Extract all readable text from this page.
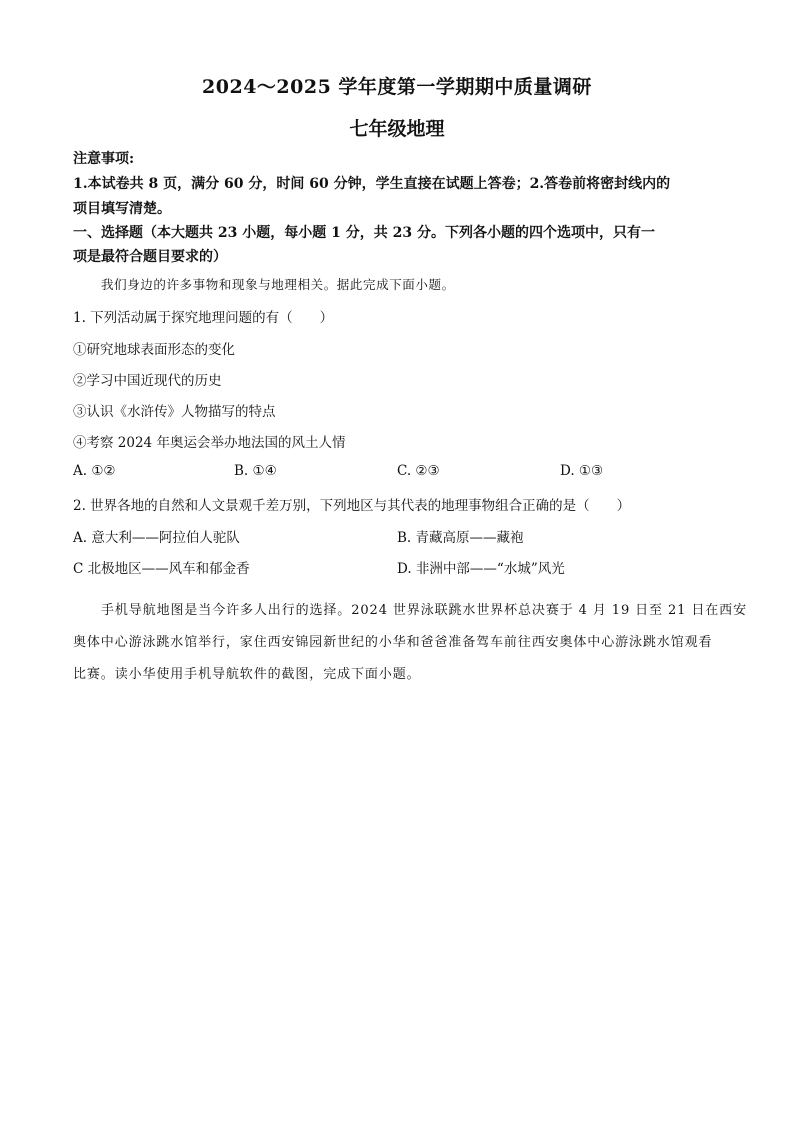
2024～2025 学年度第一学期期中质量调研
七年级地理
注意事项:
1.本试卷共 8 页，满分 60 分，时间 60 分钟，学生直接在试题上答卷；2.答卷前将密封线内的
项目填写清楚。
一、选择题（本大题共 23 小题，每小题 1 分，共 23 分。下列各小题的四个选项中，只有一
项是最符合题目要求的）
我们身边的许多事物和现象与地理相关。据此完成下面小题。
1. 下列活动属于探究地理问题的有（　　）
①研究地球表面形态的变化
②学习中国近现代的历史
③认识《水浒传》人物描写的特点
④考察 2024 年奥运会举办地法国的风土人情
A. ①②	B. ①④	C. ②③	D. ①③
2. 世界各地的自然和人文景观千差万别，下列地区与其代表的地理事物组合正确的是（　　）
A. 意大利——阿拉伯人驼队	B. 青藏高原——藏袍
C 北极地区——风车和郁金香	D. 非洲中部——“水城”风光
手机导航地图是当今许多人出行的选择。2024 世界泳联跳水世界杯总决赛于 4 月 19 日至 21 日在西安
奥体中心游泳跳水馆举行，家住西安锦园新世纪的小华和爸爸准备驾车前往西安奥体中心游泳跳水馆观看
比赛。读小华使用手机导航软件的截图，完成下面小题。
